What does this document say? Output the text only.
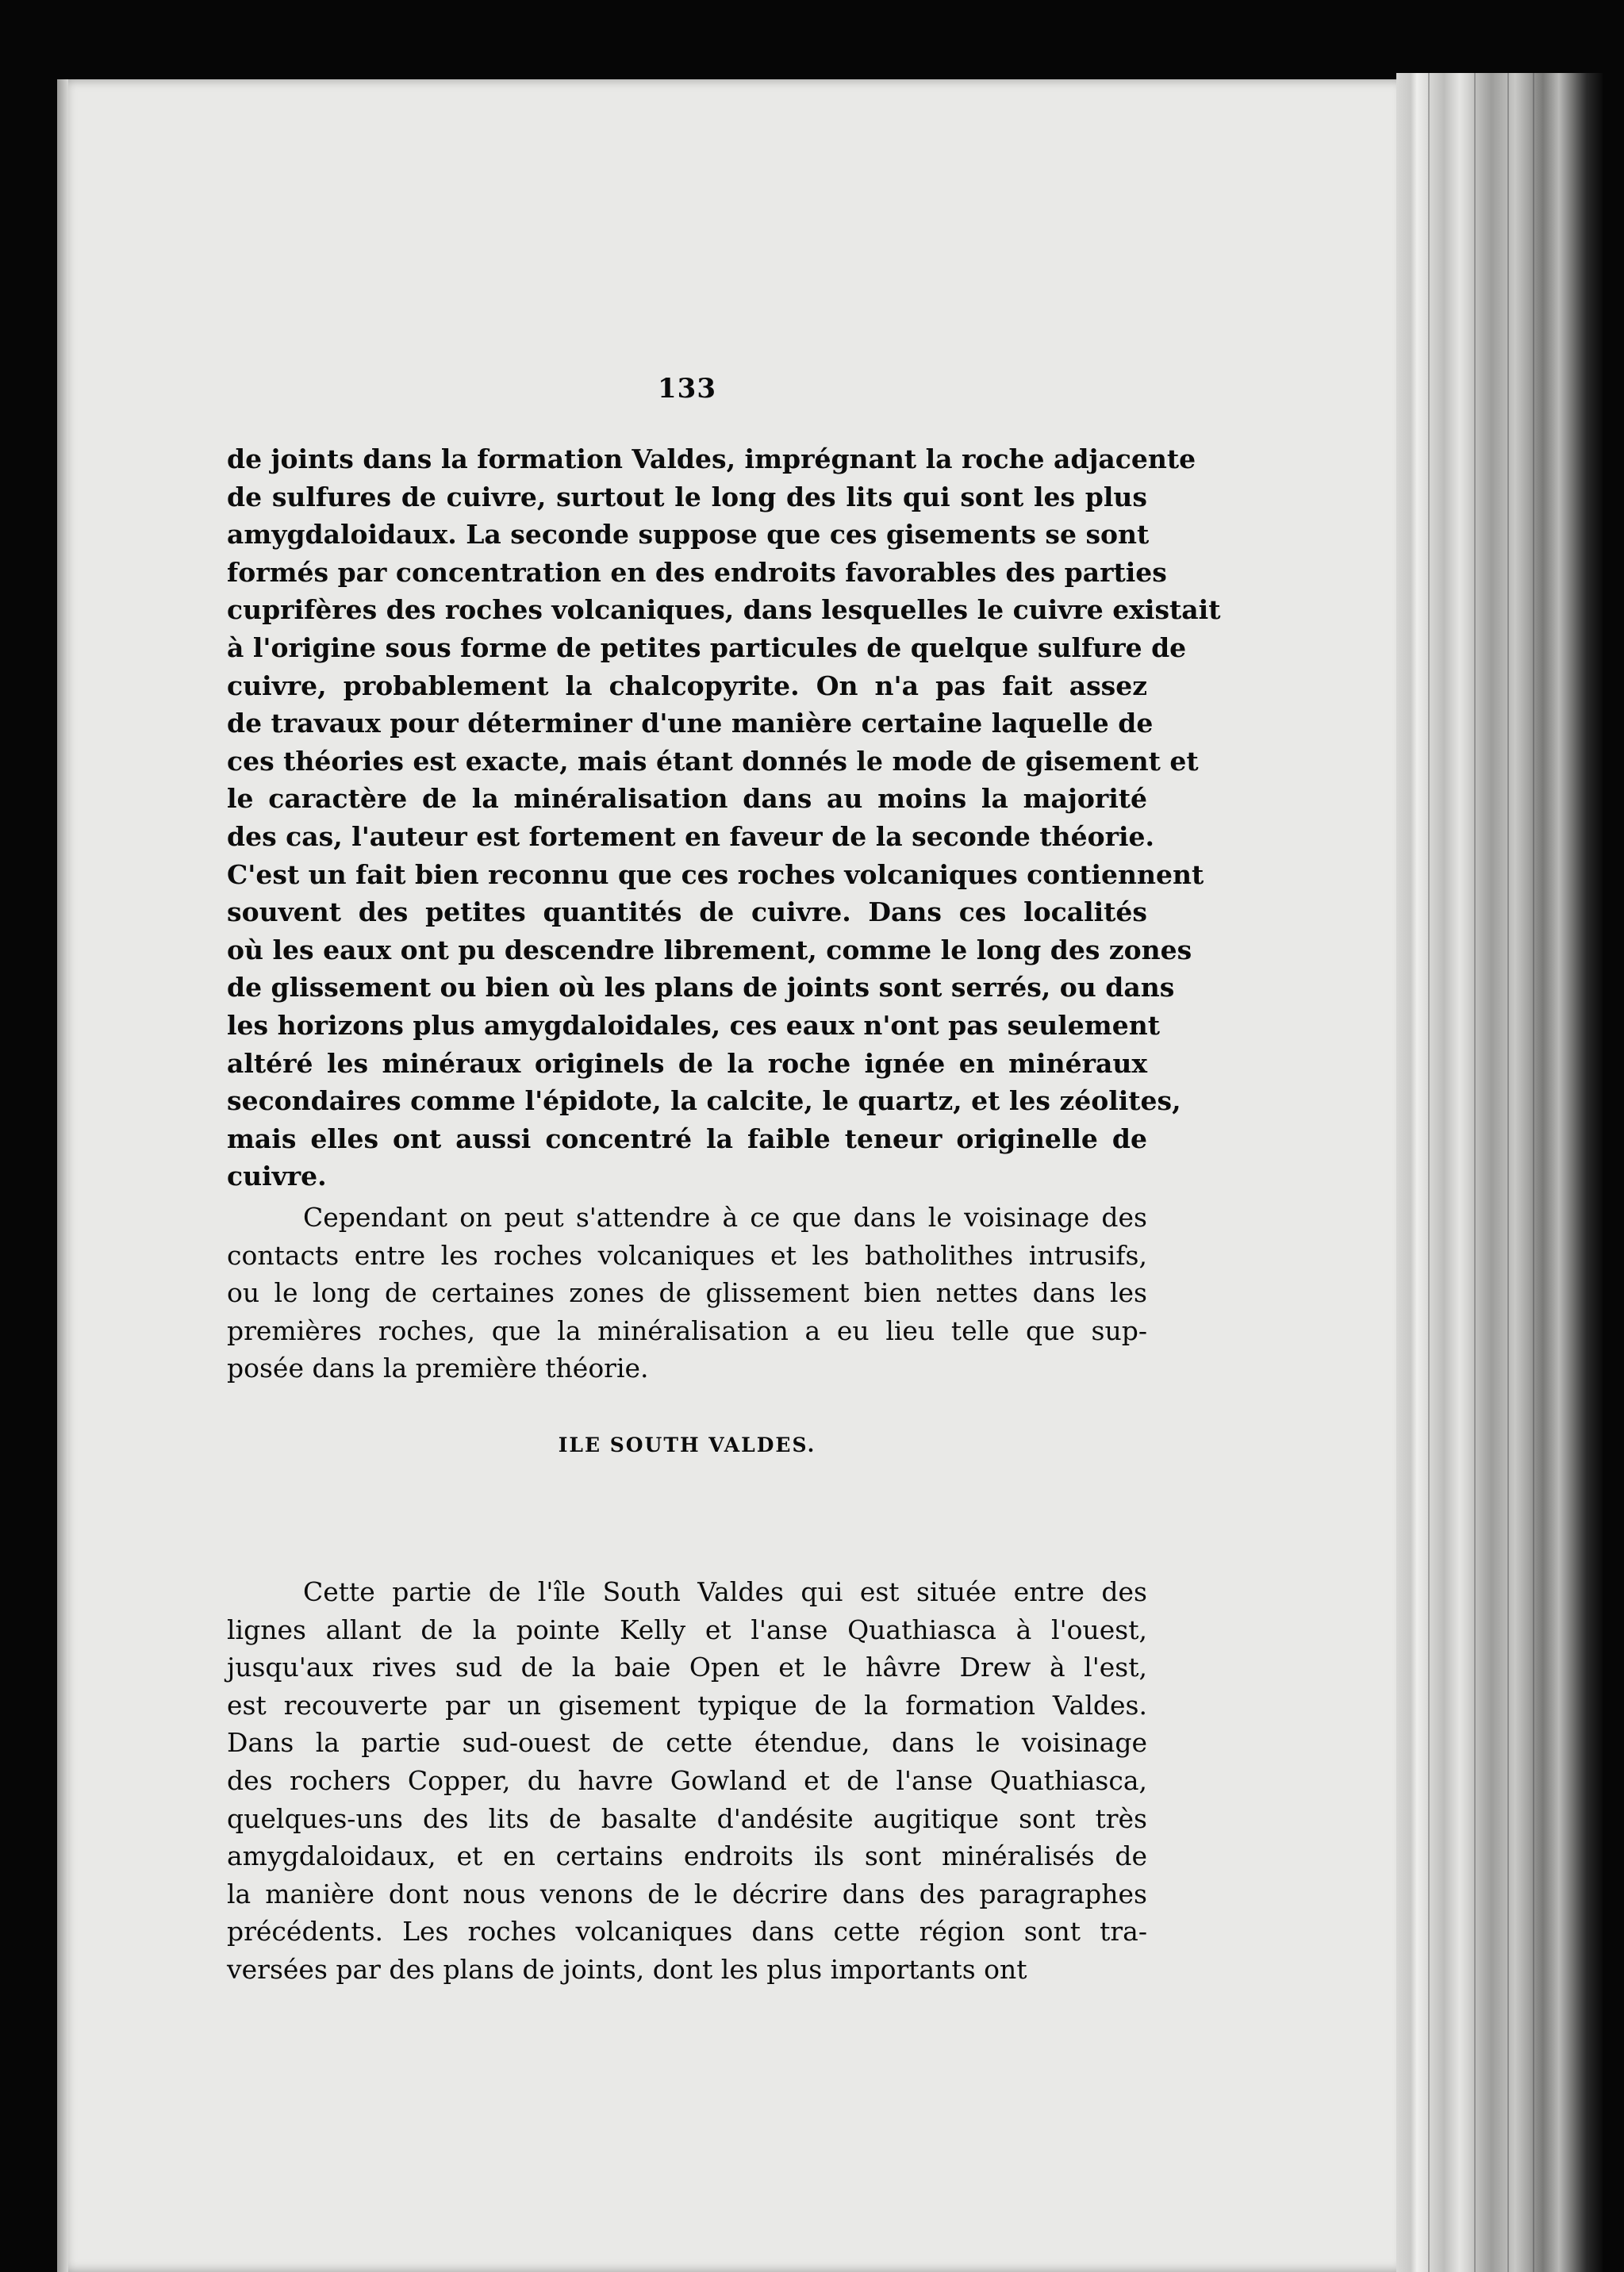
133
de joints dans la formation Valdes, imprégnant la roche adjacente
de sulfures de cuivre, surtout le long des lits qui sont les plus
amygdaloidaux. La seconde suppose que ces gisements se sont
formés par concentration en des endroits favorables des parties
cuprifères des roches volcaniques, dans lesquelles le cuivre existait
à l'origine sous forme de petites particules de quelque sulfure de
cuivre, probablement la chalcopyrite. On n'a pas fait assez
de travaux pour déterminer d'une manière certaine laquelle de
ces théories est exacte, mais étant donnés le mode de gisement et
le caractère de la minéralisation dans au moins la majorité
des cas, l'auteur est fortement en faveur de la seconde théorie.
C'est un fait bien reconnu que ces roches volcaniques contiennent
souvent des petites quantités de cuivre. Dans ces localités
où les eaux ont pu descendre librement, comme le long des zones
de glissement ou bien où les plans de joints sont serrés, ou dans
les horizons plus amygdaloidales, ces eaux n'ont pas seulement
altéré les minéraux originels de la roche ignée en minéraux
secondaires comme l'épidote, la calcite, le quartz, et les zéolites,
mais elles ont aussi concentré la faible teneur originelle de
cuivre.
Cependant on peut s'attendre à ce que dans le voisinage des
contacts entre les roches volcaniques et les batholithes intrusifs,
ou le long de certaines zones de glissement bien nettes dans les
premières roches, que la minéralisation a eu lieu telle que sup-
posée dans la première théorie.
ILE SOUTH VALDES.
Cette partie de l'île South Valdes qui est située entre des
lignes allant de la pointe Kelly et l'anse Quathiasca à l'ouest,
jusqu'aux rives sud de la baie Open et le hâvre Drew à l'est,
est recouverte par un gisement typique de la formation Valdes.
Dans la partie sud-ouest de cette étendue, dans le voisinage
des rochers Copper, du havre Gowland et de l'anse Quathiasca,
quelques-uns des lits de basalte d'andésite augitique sont très
amygdaloidaux, et en certains endroits ils sont minéralisés de
la manière dont nous venons de le décrire dans des paragraphes
précédents. Les roches volcaniques dans cette région sont tra-
versées par des plans de joints, dont les plus importants ont
